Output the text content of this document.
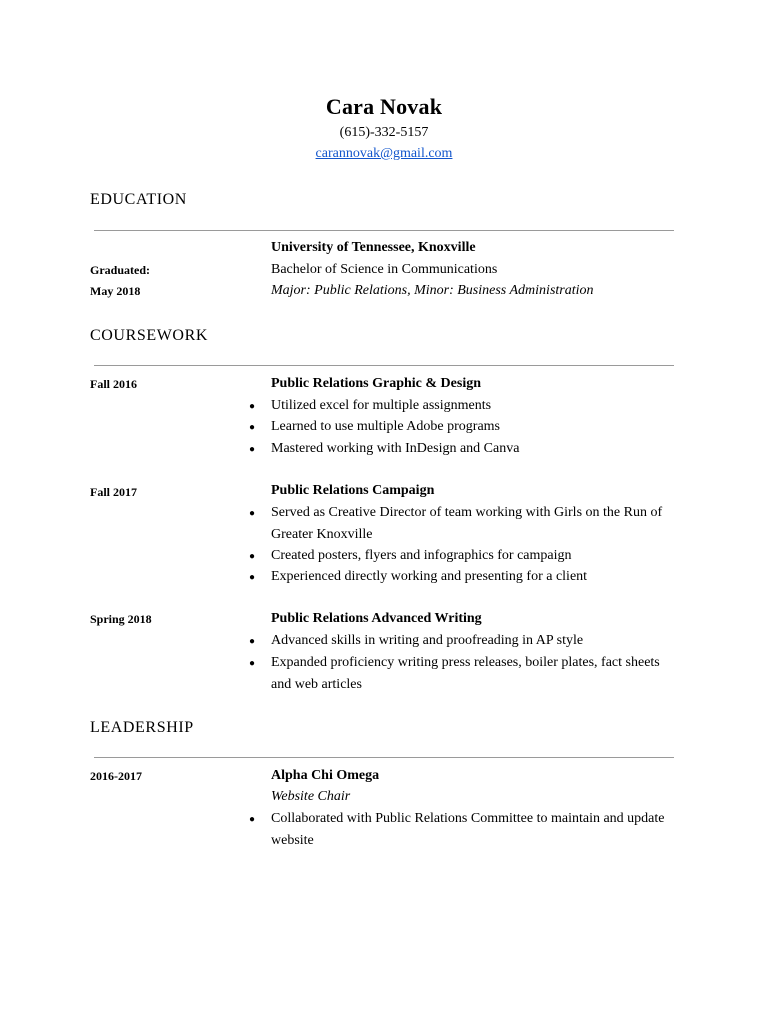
Cara Novak
(615)-332-5157
carannovak@gmail.com
EDUCATION
University of Tennessee, Knoxville
Graduated:	Bachelor of Science in Communications
May 2018	Major: Public Relations, Minor: Business Administration
COURSEWORK
Fall 2016	Public Relations Graphic & Design
● Utilized excel for multiple assignments
● Learned to use multiple Adobe programs
● Mastered working with InDesign and Canva
Fall 2017	Public Relations Campaign
● Served as Creative Director of team working with Girls on the Run of Greater Knoxville
● Created posters, flyers and infographics for campaign
● Experienced directly working and presenting for a client
Spring 2018	Public Relations Advanced Writing
● Advanced skills in writing and proofreading in AP style
● Expanded proficiency writing press releases, boiler plates, fact sheets and web articles
LEADERSHIP
2016-2017	Alpha Chi Omega
Website Chair
● Collaborated with Public Relations Committee to maintain and update website
